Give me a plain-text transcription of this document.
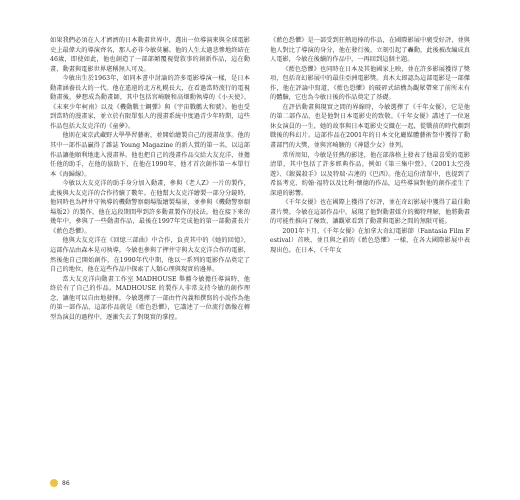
如果我們必須在人才濟濟的日本動畫世界中，選出一位導演來與全球電影史上最偉大的導演齊名，那人必非今敏莫屬。他的人生太過悲慘地終結在46歲，即使如此，他也創造了一部部顛覆視覺敘事的創新作品，這在動畫，動畫與電影世界堪稱無人可及。

今敏出生於1963年，如同本書中討論的許多電影導演一樣，是日本動畫涵養長大的一代。他在遙遠的北方札幌長大，在看過當時流行的電視動畫後，夢想成為動畫師，其中包括宮崎駿和高畑勳執導的《小天使》、《未來少年柯南》以及《機動戰士鋼彈》與《宇宙戰艦大和號》。他也受到當時的漫畫家，並立於有限單張人的漫畫系統中度過青少年時期，這些作品包括大友克洋的《童夢》。

他則在東京武藏野大學學習藝術，並開始繪製自己的漫畫故事。他的其中一部作品贏得了雜誌 Young Magazine 的新人賞的第一名，以這部作品讓他順利地進入漫畫界。他也把自己的漫畫作品交給大友克洋，並擔任他的助手，在他的協助下，在他在1990年，他才首次創作第一本單行本《海歸線》。

今敏以大友克洋的助手身分加入動畫，參與《老人Z》一片的製作，此後與大友克洋的合作持續了數年。在他幫大友克洋繪製一部分分鏡時，他同時也為押井守執導的機動警察劇場版繪製場景，並參與《機動警察劇場版2》的製作，他在這段期間學到許多動畫製作的技法。他在接下來的幾年中，參與了一些動畫作品，最後在1997年完成他的第一部動畫長片《藍色恐懼》。

他與大友克洋在《回憶三部曲》中合作，負責其中的《她的回憶》，這部作品由森本晃司執導。今敏也參與了押井守與大友克洋合作的電影，然後他自己開始創作，在1990年代中期，他以一系列的電影作品奠定了自己的地位，他在這些作品中探索了人類心理與現實的邊界。

當大友克洋向動畫工作室 MADHOUSE 舉薦今敏擔任導演時，他終於有了自己的作品。MADHOUSE 的製作人非常支持今敏的創作理念，讓他可以自由地發揮。今敏選擇了一部由竹內義和撰寫的小說作為他的第一部作品，這部作品就是《藍色恐懼》，它講述了一位流行偶像在轉型為演員的過程中，逐漸失去了對現實的掌控。

《藍色恐懼》是一部受到狂熱追捧的作品，在國際影展中廣受好評，並與他人對比了導演的身分，他在發行後，立刻引起了轟動，此後被改編成真人電影，今敏在後續的作品中，一再回到這個主題。

《藍色恐懼》也同時在日本及其他國家上映，並在許多影展獲得了獎項，包括奇幻影展中的最佳亞洲電影獎。真木太郎認為這部電影是一部傑作，他在評論中寫道，《藍色恐懼》的破碎式結構為觀眾帶來了前所未有的體驗，它也為今敏日後的作品奠定了基礎。

在評估動畫與現實之間的界線時，今敏選擇了《千年女優》，它是他的第二部作品，也是他對日本電影史的致敬。《千年女優》講述了一位退休女演員的一生，她的故事與日本電影史交織在一起，從戰前的時代劇到戰後的科幻片。這部作品在2001年的日本文化廳媒體藝術祭中獲得了動畫部門的大獎，並與宮崎駿的《神隱少女》並列。

常所周知，今敏是狂熱的影迷，他在部落格上發表了他最喜愛的電影清單，其中包括了許多經典作品，例如《第三集中營》、《2001太空漫遊》、《銀翼殺手》以及特瑞·吉連的《巴西》。他在這份清單中，也提到了希區考克、約翰·福特以及比利·懷德的作品，這些導演對他的創作產生了深遠的影響。

《千年女優》也在國際上獲得了好評，並在奇幻影展中獲得了最佳動畫片獎。今敏在這部作品中，展現了他對動畫媒介的獨特理解，他將動畫的可能性推向了極致，讓觀眾看到了動畫與電影之間的無限可能。

2001年下月，《千年女優》在加拿大奇幻電影節（Fantasia Film Festival）首映，並且與之前的《藍色恐懼》一樣，在各大國際影展中表現出色。在日本，《千年女

86
